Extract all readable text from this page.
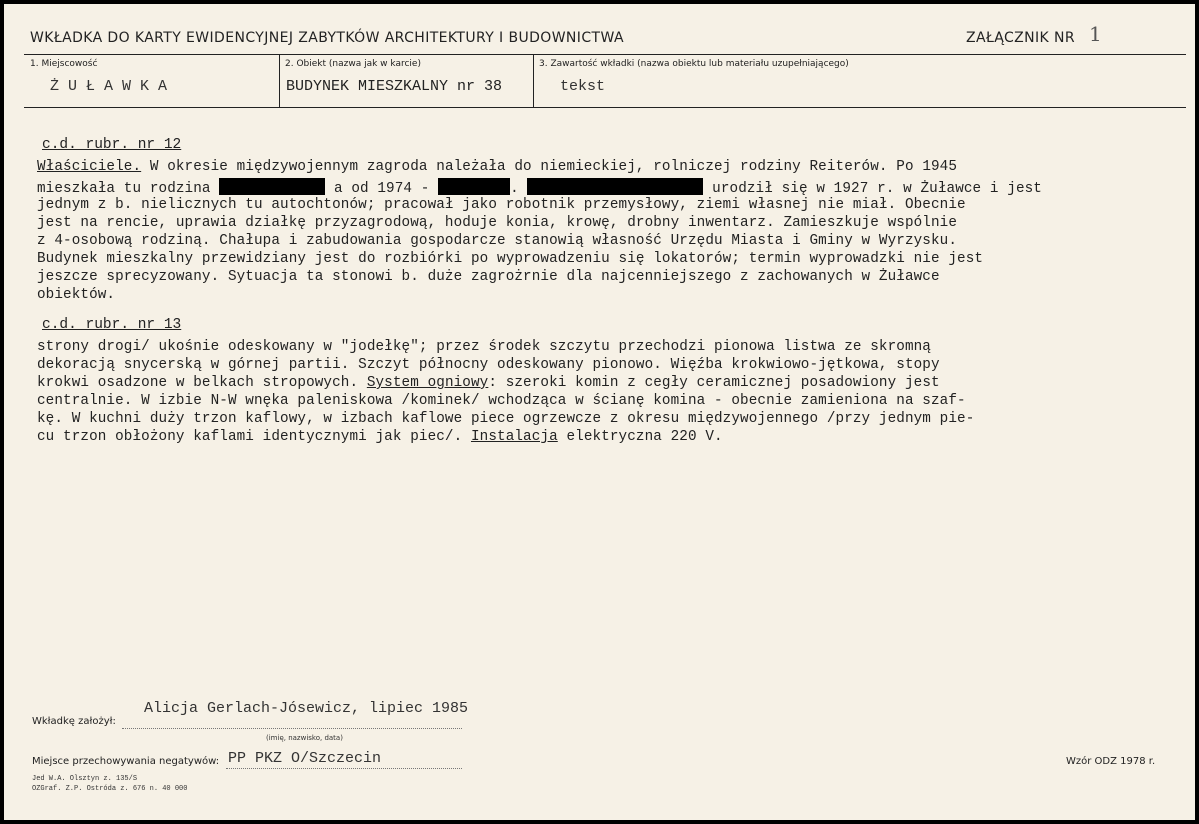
WKŁADKA DO KARTY EWIDENCYJNEJ ZABYTKÓW ARCHITEKTURY I BUDOWNICTWA	ZAŁĄCZNIK NR 1
1. Miejscowość
ŻUŁAWKA
2. Obiekt (nazwa jak w karcie)
BUDYNEK MIESZKALNY nr 38
3. Zawartość wkładki (nazwa obiektu lub materiału uzupełniającego)
tekst
c.d. rubr. nr 12
Właściciele. W okresie międzywojennym zagroda należała do niemieckiej, rolniczej rodziny Reiterów. Po 1945
mieszkała tu rodzina	a od 1974 -	.	urodził się w 1927 r. w Żuławce i jest
jednym z b. nielicznych tu autochtonów; pracował jako robotnik przemysłowy, ziemi własnej nie miał. Obecnie
jest na rencie, uprawia działkę przyzagrodową, hoduje konia, krowę, drobny inwentarz. Zamieszkuje wspólnie
z 4-osobową rodziną. Chałupa i zabudowania gospodarcze stanowią własność Urzędu Miasta i Gminy w Wyrzysku.
Budynek mieszkalny przewidziany jest do rozbiórki po wyprowadzeniu się lokatorów; termin wyprowadzki nie jest
jeszcze sprecyzowany. Sytuacja ta stonowi b. duże zagrożrnie dla najcenniejszego z zachowanych w Żuławce
obiektów.
c.d. rubr. nr 13
strony drogi/ ukośnie odeskowany w "jodełkę"; przez środek szczytu przechodzi pionowa listwa ze skromną
dekoracją snycerską w górnej partii. Szczyt północny odeskowany pionowo. Więźba krokwiowo-jętkowa, stopy
krokwi osadzone w belkach stropowych. System ogniowy: szeroki komin z cegły ceramicznej posadowiony jest
centralnie. W izbie N-W wnęka paleniskowa /kominek/ wchodząca w ścianę komina - obecnie zamieniona na szaf-
kę. W kuchni duży trzon kaflowy, w izbach kaflowe piece ogrzewcze z okresu międzywojennego /przy jednym pie-
cu trzon obłożony kaflami identycznymi jak piec/. Instalacja elektryczna 220 V.
Wkładkę założył:
Alicja Gerlach-Jósewicz, lipiec 1985
(imię, nazwisko, data)
Miejsce przechowywania negatywów: PP PKZ O/Szczecin	Wzór ODZ 1978 r.
Jed W.A. Olsztyn z. 135/S
OZGraf. Z.P. Ostróda z. 676 n. 40 000
